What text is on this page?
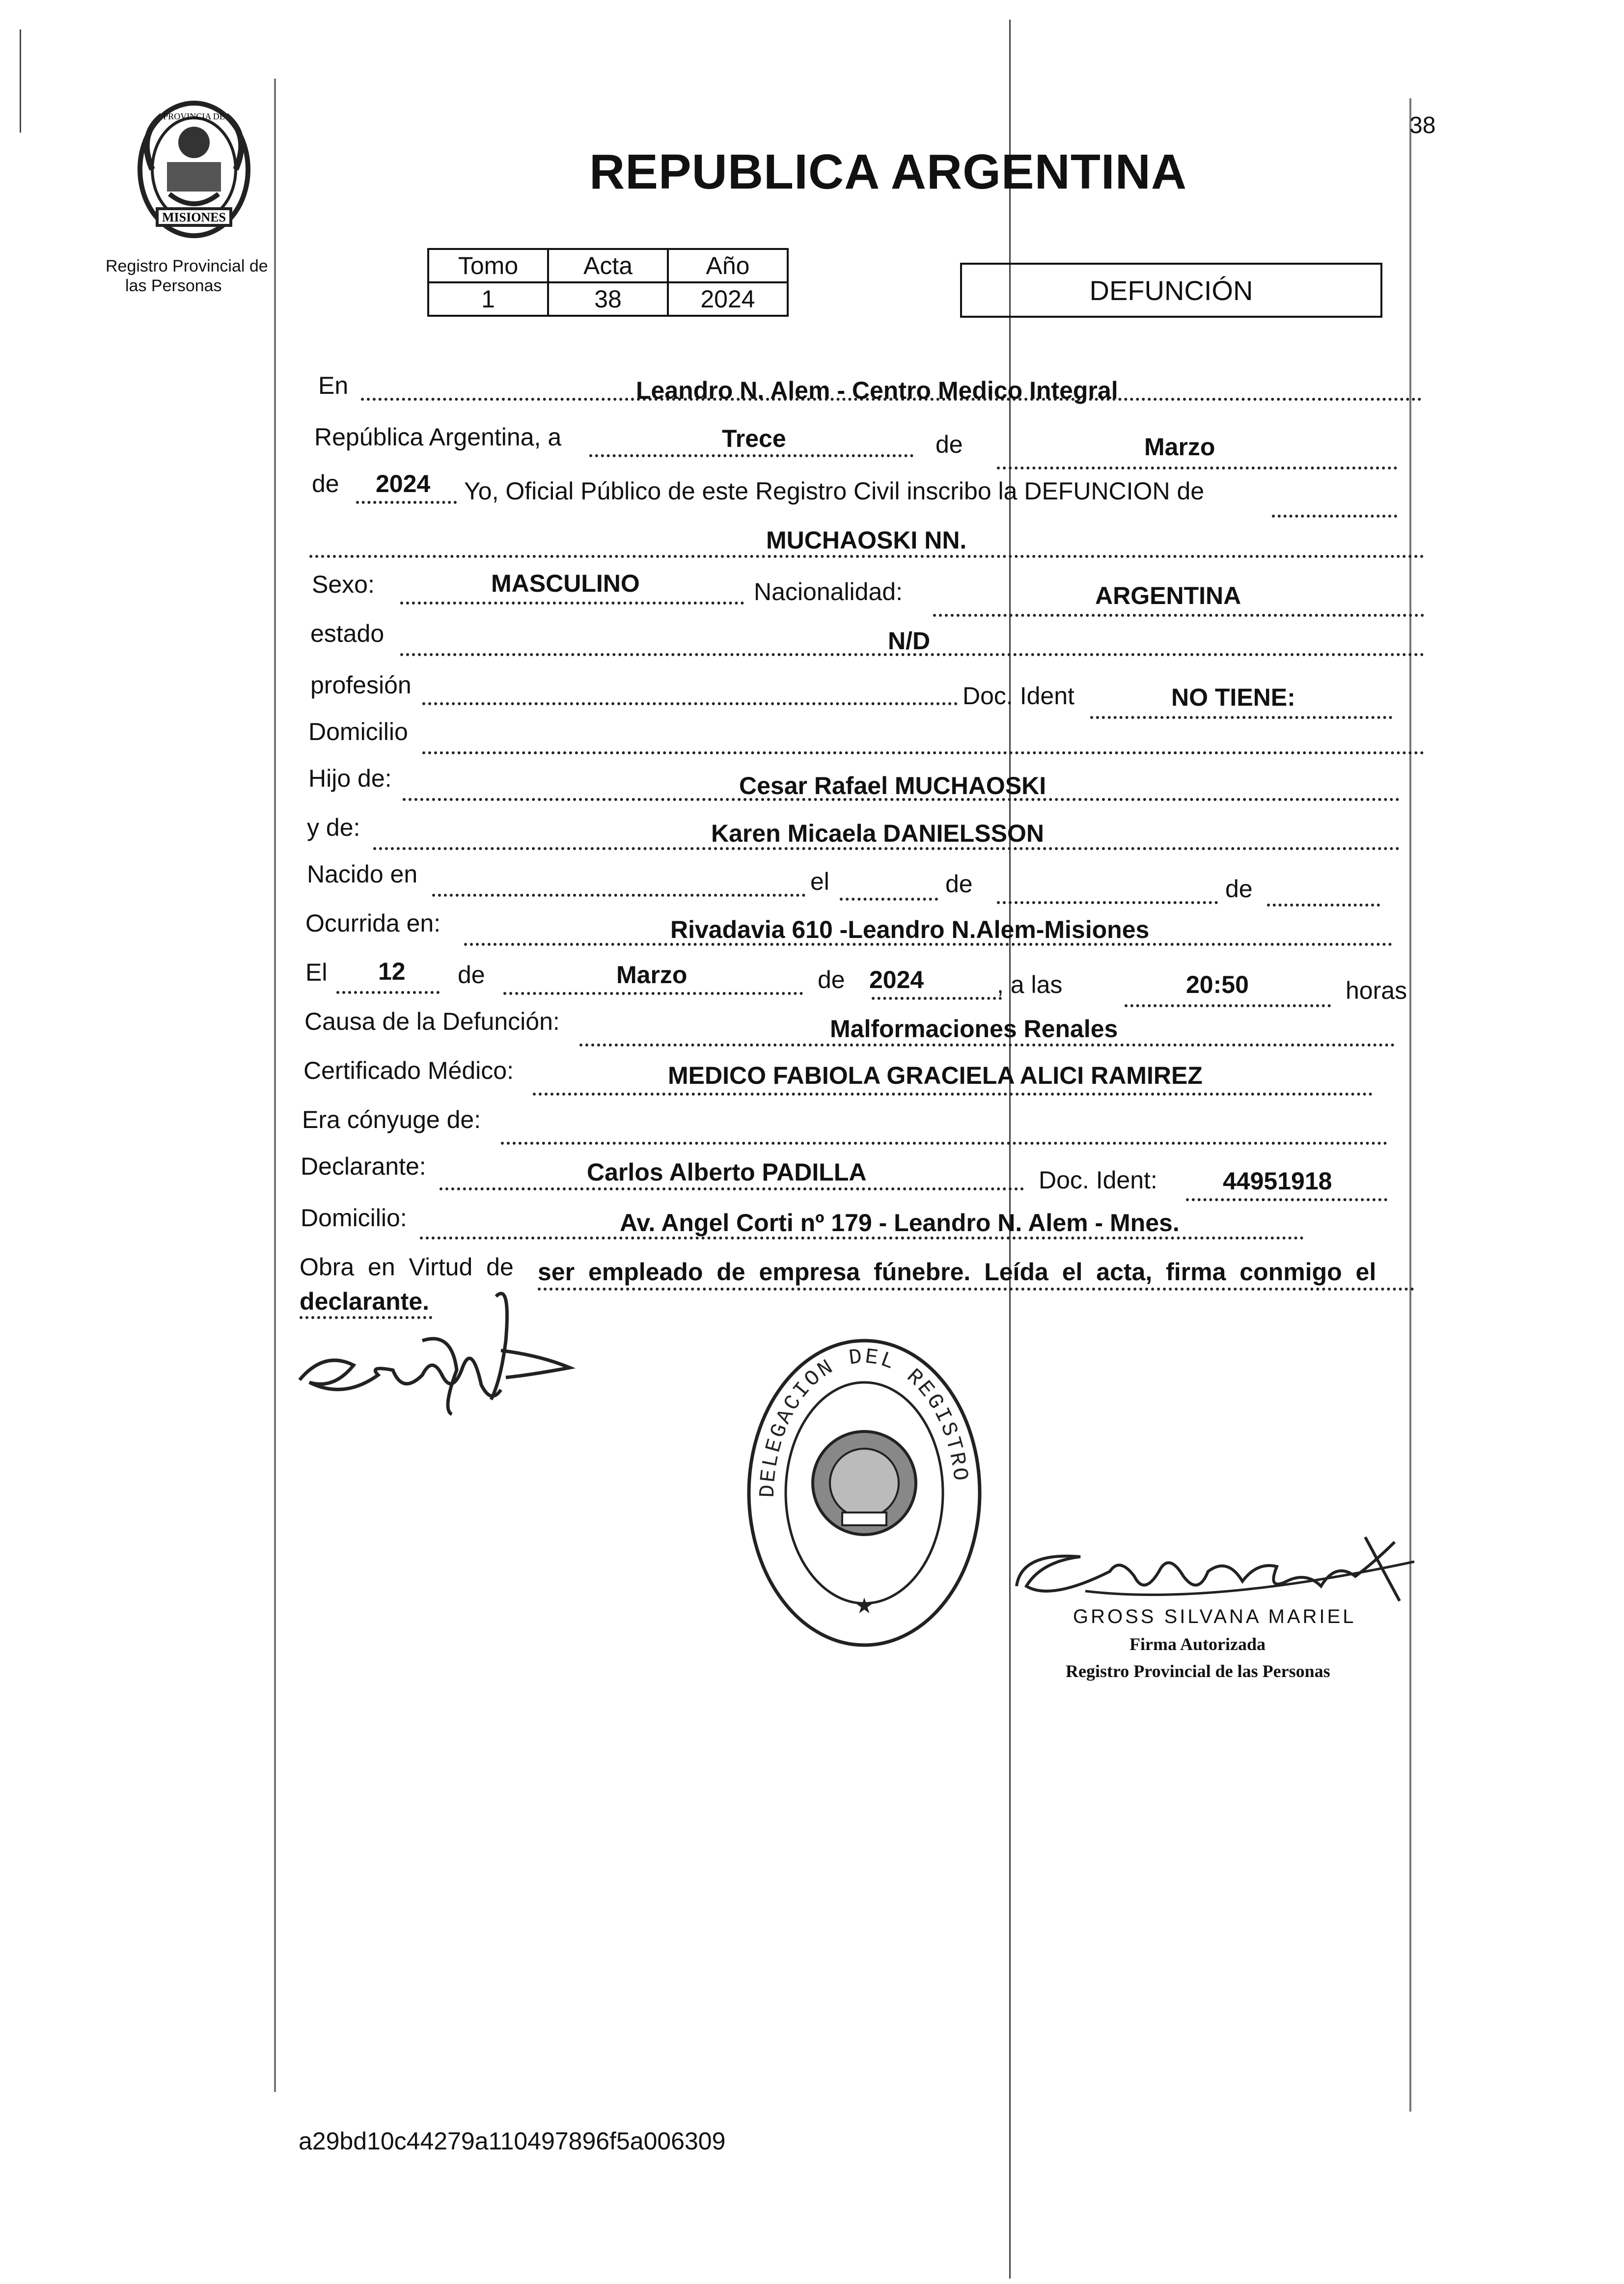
38
MISIONES
PROVINCIA DE
Registro Provincial de
las Personas
REPUBLICA ARGENTINA
Tomo	Acta	Año
1	38	2024	DEFUNCIÓN
En	Leandro N. Alem - Centro Medico Integral
República Argentina, a	Trece	de	Marzo
de 2024 Yo, Oficial Público de este Registro Civil inscribo la DEFUNCION de
MUCHAOSKI NN.
Sexo:	MASCULINO	Nacionalidad:	ARGENTINA
estado	N/D
profesión	Doc. Ident	NO TIENE:
Domicilio
Hijo de:	Cesar Rafael MUCHAOSKI
y de:	Karen Micaela DANIELSSON
Nacido en	el	de	de
Ocurrida en:	Rivadavia 610 -Leandro N.Alem-Misiones
El 12 de	Marzo	de 2024	, a las	20:50	horas
Causa de la Defunción:	Malformaciones Renales
Certificado Médico:	MEDICO FABIOLA GRACIELA ALICI RAMIREZ
Era cónyuge de:
Declarante:	Carlos Alberto PADILLA	Doc. Ident:	44951918
Domicilio:	Av. Angel Corti nº 179 - Leandro N. Alem - Mnes.
Obra en Virtud de ser empleado de empresa fúnebre. Leída el acta, firma conmigo el
declarante.
DELEGACION DEL REGISTRO
★	GROSS SILVANA MARIEL
Firma Autorizada
Registro Provincial de las Personas
a29bd10c44279a110497896f5a006309
